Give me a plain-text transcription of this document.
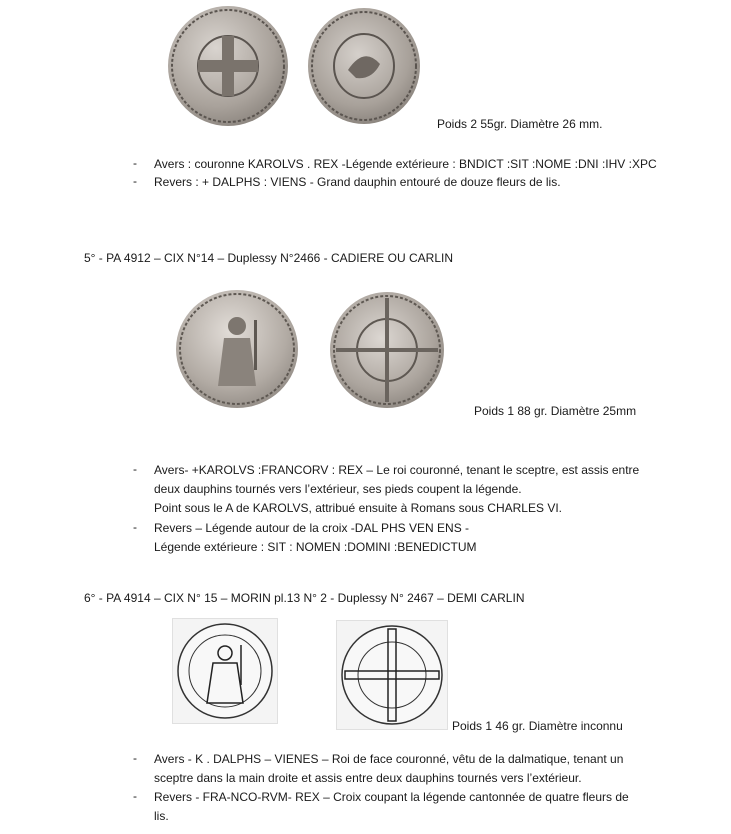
Poids 2 55gr. Diamètre 26 mm.
-	Avers : couronne KAROLVS . REX -Légende extérieure : BNDICT :SIT :NOME :DNI :IHV :XPC
-	Revers : + DALPHS : VIENS - Grand dauphin entouré de douze fleurs de lis.
5° - PA 4912 – CIX N°14 – Duplessy N°2466 - CADIERE OU CARLIN
Poids 1 88 gr. Diamètre 25mm
-	Avers- +KAROLVS :FRANCORV : REX – Le roi couronné, tenant le sceptre, est assis entre
deux dauphins tournés vers l’extérieur, ses pieds coupent la légende.
Point sous le A de KAROLVS, attribué ensuite à Romans sous CHARLES VI.
-	Revers – Légende autour de la croix -DAL PHS VEN ENS -
Légende extérieure : SIT : NOMEN :DOMINI :BENEDICTUM
6° - PA 4914 – CIX N° 15 – MORIN pl.13 N° 2 - Duplessy N° 2467 – DEMI CARLIN
Poids 1 46 gr. Diamètre inconnu
-	Avers - K . DALPHS – VIENES – Roi de face couronné, vêtu de la dalmatique, tenant un
sceptre dans la main droite et assis entre deux dauphins tournés vers l’extérieur.
-	Revers - FRA-NCO-RVM- REX – Croix coupant la légende cantonnée de quatre fleurs de
lis.
